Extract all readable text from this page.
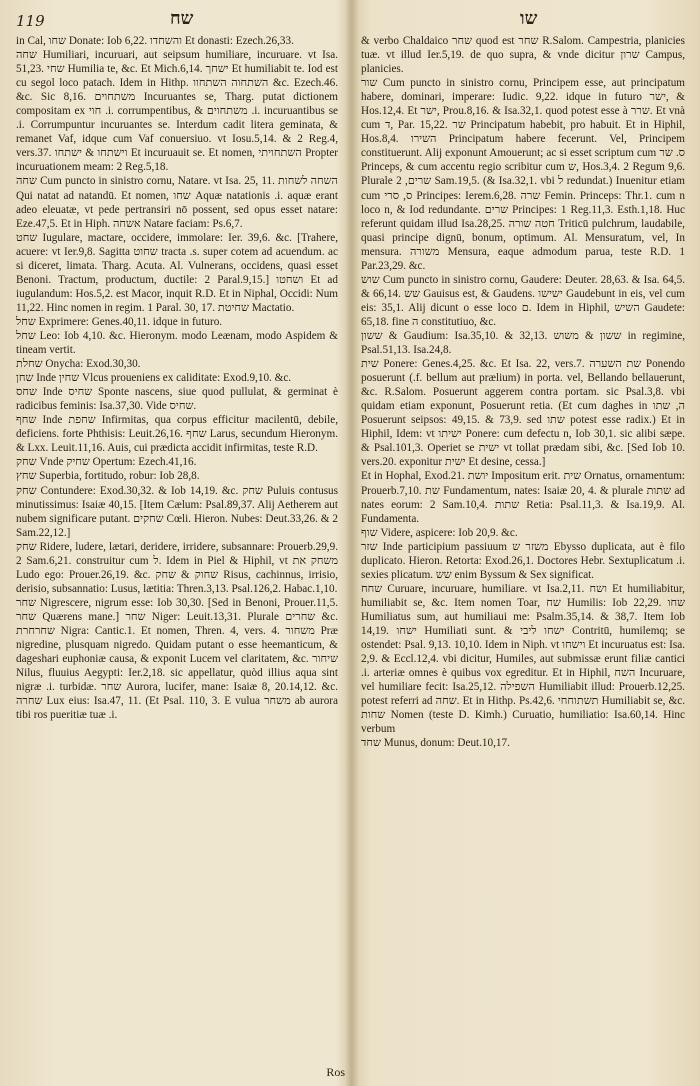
119	שח	שו

in Cal, שחו Donate: Iob 6,22. והשחדו Et donasti: Ezech.26,33.

שחה Humiliari, incuruari, aut seipsum humiliare, incuruare. vt Isa. 51,23. שחי Humilia te, &c. Et Mich.6,14. ישחך Et humiliabit te. Iod est cu segol loco patach. Idem in Hithp. השתחוה השתחוו &c. Ezech.46. &c. Sic 8,16. משתחוים Incuruantes se, Tharg. putat dictionem compositam ex חוי .i. corrumpentibus, & משתחוים .i. incuruantibus se .i. Corrumpuntur incuruantes se. Interdum cadit litera geminata, & remanet Vaf, idque cum Vaf conuersiuo. vt Iosu.5,14. & 2 Reg.4, vers.37. וישתחו & ישתחו Et incuruauit se. Et nomen, השתחויתי Propter incuruationem meam: 2 Reg.5,18.

שחה Cum puncto in sinistro cornu, Natare. vt Isa. 25, 11. השחה לשחות Qui natat ad natandū. Et nomen, שחו Aquæ natationis .i. aquæ erant adeo eleuatæ, vt pede pertransiri nō possent, sed opus esset natare: Eze.47,5. Et in Hiph. אשחה Natare faciam: Ps.6,7.

שחט Iugulare, mactare, occidere, immolare: Ier. 39,6. &c. [Trahere, acuere: vt Ier.9,8. Sagitta שחוט tracta .s. super cotem ad acuendum. ac si diceret, limata. Tharg. Acuta. Al. Vulnerans, occidens, quasi esset Benoni. Tractum, productum, ductile: 2 Paral.9,15.] ושחטו Et ad iugulandum: Hos.5,2. est Macor, inquit R.D. Et in Niphal, Occidi: Num 11,22. Hinc nomen in regim. 1 Paral. 30, 17. שחיטת Mactatio.

שחל Exprimere: Genes.40,11. idque in futuro.

שחל Leo: Iob 4,10. &c. Hieronym. modo Leænam, modo Aspidem & tineam vertit.

שחלת Onycha: Exod.30,30.

שחן Inde שחין Vlcus proueniens ex caliditate: Exod.9,10. &c.

שחס Inde שחיס Sponte nascens, siue quod pullulat, & germinat è radicibus feminis: Isa.37,30. Vide שחיס.

שחף Inde שחפת Infirmitas, qua corpus efficitur macilentū, debile, deficiens. forte Phthisis: Leuit.26,16. שחף Larus, secundum Hieronym. & Lxx. Leuit.11,16. Auis, cui prædicta accidit infirmitas, teste R.D.

שחק Vnde שחיק Opertum: Ezech.41,16.

שחץ Superbia, fortitudo, robur: Iob 28,8.

שחק Contundere: Exod.30,32. & Iob 14,19. &c. שחק Puluis contusus minutissimus: Isaiæ 40,15. [Item Cælum: Psal.89,37. Alij Aetherem aut nubem significare putant. שחקים Cœli. Hieron. Nubes: Deut.33,26. & 2 Sam.22,12.]

שחק Ridere, ludere, lætari, deridere, irridere, subsannare: Prouerb.29,9. 2 Sam.6,21. construitur cum ל. Idem in Piel & Hiphil, vt משחק את Ludo ego: Prouer.26,19. &c. שחוק & שחק Risus, cachinnus, irrisio, derisio, subsannatio: Lusus, lætitia: Thren.3,13. Psal.126,2. Habac.1,10.

שחר Nigrescere, nigrum esse: Iob 30,30. [Sed in Benoni, Prouer.11,5. שחר Quærens mane.] שחר Niger: Leuit.13,31. Plurale שחרים &c. שחרחרת Nigra: Cantic.1. Et nomen, Thren. 4, vers. 4. משחור Præ nigredine, plusquam nigredo. Quidam putant o esse heemanticum, & dageshari euphoniæ causa, & exponit Lucem vel claritatem, &c. שיחור Nilus, fluuius Aegypti: Ier.2,18. sic appellatur, quòd illius aqua sint nigræ .i. turbidæ. שחר Aurora, lucifer, mane: Isaiæ 8, 20.14,12. &c. שחרה Lux eius: Isa.47, 11. (Et Psal. 110, 3. E vulua משחר ab aurora tibi ros pueritiæ tuæ .i.

& verbo Chaldaico שחר quod est שחר R.Salom. Campestria, planicies tuæ. vt illud Ier.5,19. de quo supra, & vnde dicitur שרון Campus, planicies.

שור Cum puncto in sinistro cornu, Principem esse, aut principatum habere, dominari, imperare: Iudic. 9,22. idque in futuro ישר, & Hos.12,4. Et ישר, Prou.8,16. & Isa.32,1. quod potest esse à שרר. Et vnà cum ד, Par. 15,22. שר Principatum habebit, pro habuit. Et in Hiphil, Hos.8,4. השירו Principatum habere fecerunt. Vel, Principem constituerunt. Alij exponunt Amouerunt; ac si esset scriptum cum ס. שר Princeps, & cum accentu regio scribitur cum ש, Hos.3,4. 2 Regum 9,6. Plurale שרים, 2 Sam.19,5. (& Isa.32,1. vbi ל redundat.) Inuenitur etiam cum ס, סרי Principes: Ierem.6,28. שרה Femin. Princeps: Thr.1. cum n loco n, & Iod redundante. שרים Principes: 1 Reg.11,3. Esth.1,18. Huc referunt quidam illud Isa.28,25. חטה שורה Triticū pulchrum, laudabile, quasi principe dignū, bonum, optimum. Al. Mensuratum, vel, In mensura. משורה Mensura, eaque admodum parua, teste R.D. 1 Par.23,29. &c.

שוש Cum puncto in sinistro cornu, Gaudere: Deuter. 28,63. & Isa. 64,5. & 66,14. שש Gauisus est, & Gaudens. ישישו Gaudebunt in eis, vel cum eis: 35,1. Alij dicunt o esse loco ם. Idem in Hiphil, השיש Gaudete: 65,18. fine ה constitutiuo, &c.

ששון & Gaudium: Isa.35,10. & 32,13. ששון & משוש in regimine, Psal.51,13. Isa.24,8.

שית Ponere: Genes.4,25. &c. Et Isa. 22, vers.7. שת השערה Ponendo posuerunt (.f. bellum aut prælium) in porta. vel, Bellando bellauerunt, &c. R.Salom. Posuerunt aggerem contra portam. sic Psal.3,8. vbi quidam etiam exponunt, Posuerunt retia. (Et cum daghes in ה, שתו Posuerunt seipsos: 49,15. & 73,9. sed שתו potest esse radix.) Et in Hiphil, Idem: vt ישיתו Ponere: cum defectu n, Iob 30,1. sic alibi sæpe. & Psal.101,3. Operiet se ישית vt tollat prædam sibi, &c. [Sed Iob 10. vers.20. exponitur ישית Et desine, cessa.]

Et in Hophal, Exod.21. יושת Impositum erit. שית Ornatus, ornamentum: Prouerb.7,10. שת Fundamentum, nates: Isaiæ 20, 4. & plurale שתות ad nates eorum: 2 Sam.10,4. שתות Retia: Psal.11,3. & Isa.19,9. Al. Fundamenta.

שוף Videre, aspicere: Iob 20,9. &c.

שזר Inde participium passiuum משזר ש Ebysso duplicata, aut è filo duplicato. Hieron. Retorta: Exod.26,1. Doctores Hebr. Sextuplicatum .i. sexies plicatum. שש enim Byssum & Sex significat.

שחח Curuare, incuruare, humiliare. vt Isa.2,11. ושח Et humiliabitur, humiliabit se, &c. Item nomen Toar, שח Humilis: Iob 22,29. שחו Humiliatus sum, aut humiliaui me: Psalm.35,14. & 38,7. Item Iob 14,19. ישחו Humiliati sunt. & ישחו ליבי Contritū, humilemq; se ostendet: Psal. 9,13. 10,10. Idem in Niph. vt וישחו Et incuruatus est: Isa. 2,9. & Eccl.12,4. vbi dicitur, Humiles, aut submissæ erunt filiæ cantici .i. arteriæ omnes è quibus vox egreditur. Et in Hiphil, השח Incuruare, vel humiliare fecit: Isa.25,12. השפילה Humiliabit illud: Prouerb.12,25. potest referri ad שחה. Et in Hithp. Ps.42,6. תשתוחחי Humiliabit se, &c. שחות Nomen (teste D. Kimh.) Curuatio, humiliatio: Isa.60,14. Hinc verbum

שחד Munus, donum: Deut.10,17.

Ros
